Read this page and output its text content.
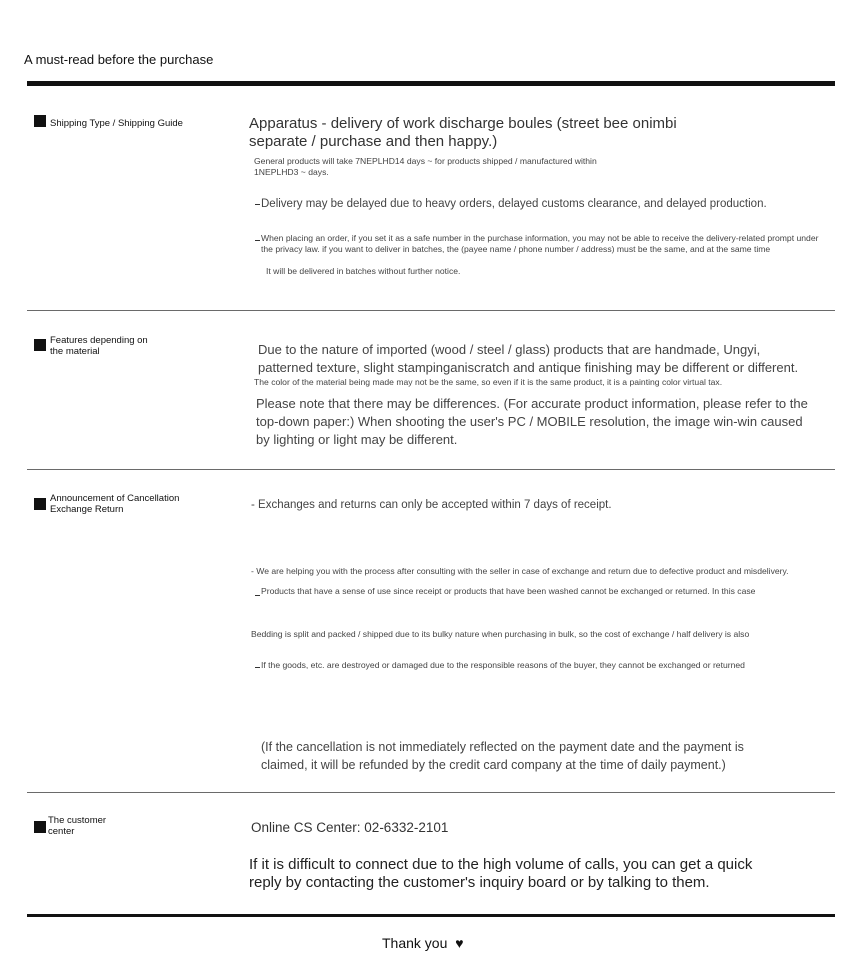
A must-read before the purchase
Shipping Type / Shipping Guide	Apparatus - delivery of work discharge boules (street bee onimbi separate / purchase and then happy.)
General products will take 7NEPLHD14 days ~ for products shipped / manufactured within 1NEPLHD3 ~ days.
Delivery may be delayed due to heavy orders, delayed customs clearance, and delayed production.
When placing an order, if you set it as a safe number in the purchase information, you may not be able to receive the delivery-related prompt under the privacy law. if you want to deliver in batches, the (payee name / phone number / address) must be the same, and at the same time
It will be delivered in batches without further notice.
Features depending on the material	Due to the nature of imported (wood / steel / glass) products that are handmade, Ungyi, patterned texture, slight stampinganiscratch and antique finishing may be different or different.
The color of the material being made may not be the same, so even if it is the same product, it is a painting color virtual tax.
Please note that there may be differences. (For accurate product information, please refer to the top-down paper:) When shooting the user's PC / MOBILE resolution, the image win-win caused by lighting or light may be different.
Announcement of Cancellation Exchange Return	- Exchanges and returns can only be accepted within 7 days of receipt.
- We are helping you with the process after consulting with the seller in case of exchange and return due to defective product and misdelivery.
Products that have a sense of use since receipt or products that have been washed cannot be exchanged or returned. In this case
Bedding is split and packed / shipped due to its bulky nature when purchasing in bulk, so the cost of exchange / half delivery is also
If the goods, etc. are destroyed or damaged due to the responsible reasons of the buyer, they cannot be exchanged or returned
(If the cancellation is not immediately reflected on the payment date and the payment is claimed, it will be refunded by the credit card company at the time of daily payment.)
The customer center	Online CS Center: 02-6332-2101
If it is difficult to connect due to the high volume of calls, you can get a quick reply by contacting the customer's inquiry board or by talking to them.
Thank you ♥
